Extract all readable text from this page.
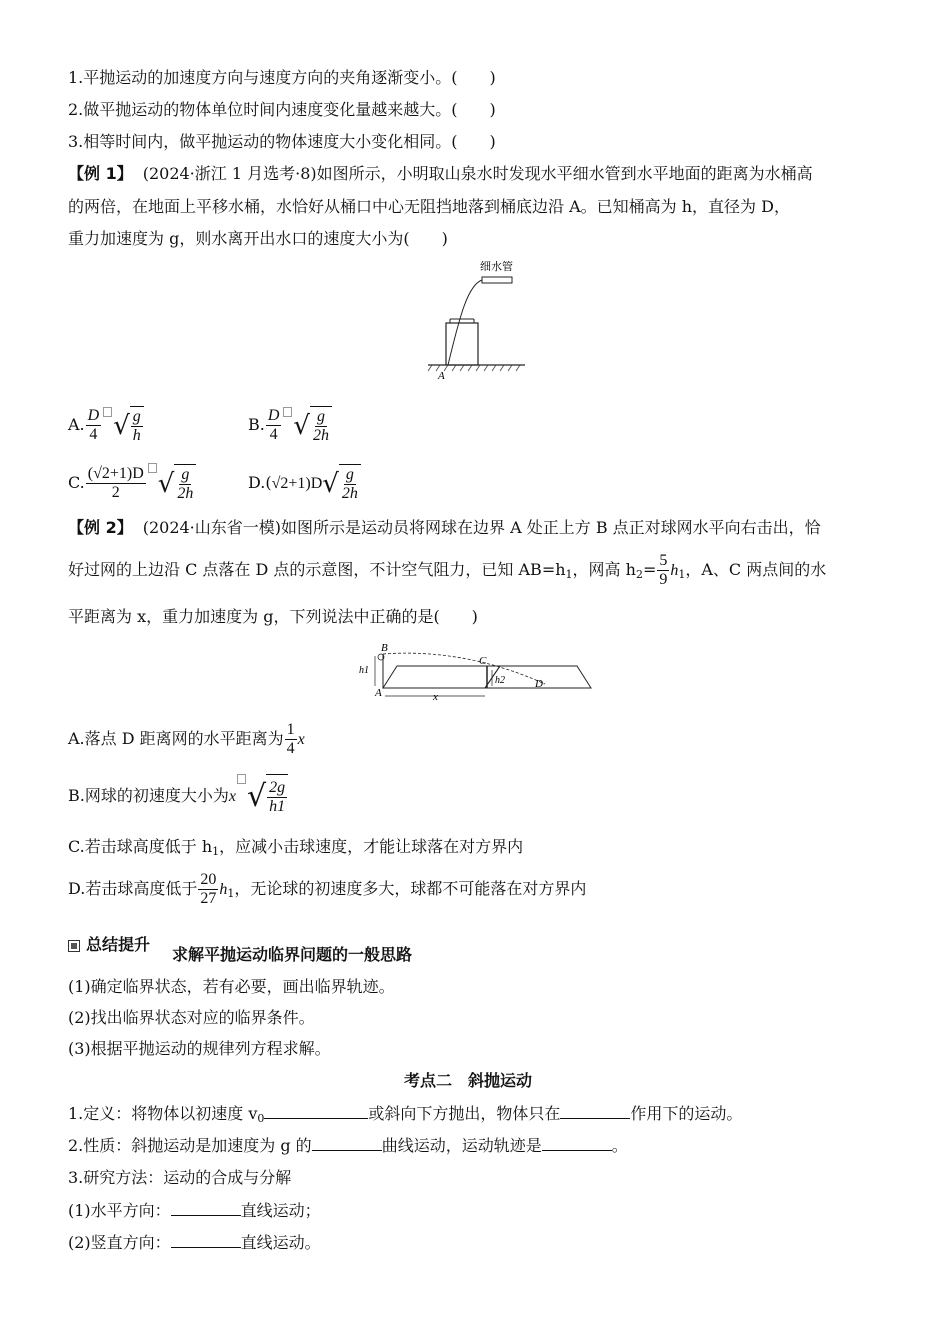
1.平抛运动的加速度方向与速度方向的夹角逐渐变小。(　　)
2.做平抛运动的物体单位时间内速度变化量越来越大。(　　)
3.相等时间内，做平抛运动的物体速度大小变化相同。(　　)
【例 1】 (2024·浙江 1 月选考·8)如图所示，小明取山泉水时发现水平细水管到水平地面的距离为水桶高
的两倍，在地面上平移水桶，水恰好从桶口中心无阻挡地落到桶底边沿 A。已知桶高为 h，直径为 D，
重力加速度为 g，则水离开出水口的速度大小为(　　)
细水管
A
A. $\frac{D}{4}$ √ $\frac{g}{h}$	B. $\frac{D}{4}$ √ $\frac{g}{2h}$
C. $\frac{(√2+1)D}{2}$ √ $\frac{g}{2h}$	D.(√2+1)D √ $\frac{g}{2h}$
【例 2】 (2024·山东省一模)如图所示是运动员将网球在边界 A 处正上方 B 点正对球网水平向右击出，恰
好过网的上边沿 C 点落在 D 点的示意图，不计空气阻力，已知 $AB=h_1$，网高 $h_2= \frac{5}{9} h_1$，A、C 两点间的水
平距离为 x，重力加速度为 g，下列说法中正确的是(　　)
B
C
A
D
h1
h2
x
A.落点 D 距离网的水平距离为 $\frac{1}{4}$ x
B.网球的初速度大小为x √ $\frac{2g}{h1}$
C.若击球高度低于 $h_1$，应减小击球速度，才能让球落在对方界内
D.若击球高度低于 $\frac{20}{27} h_1$，无论球的初速度多大，球都不可能落在对方界内
总结提升
求解平抛运动临界问题的一般思路
(1)确定临界状态，若有必要，画出临界轨迹。
(2)找出临界状态对应的临界条件。
(3)根据平抛运动的规律列方程求解。
考点二　斜抛运动
1.定义：将物体以初速度 $v_0$	或斜向下方抛出，物体只在	作用下的运动。
2.性质：斜抛运动是加速度为 g 的	曲线运动，运动轨迹是	。
3.研究方法：运动的合成与分解
(1)水平方向：	直线运动；
(2)竖直方向：	直线运动。
